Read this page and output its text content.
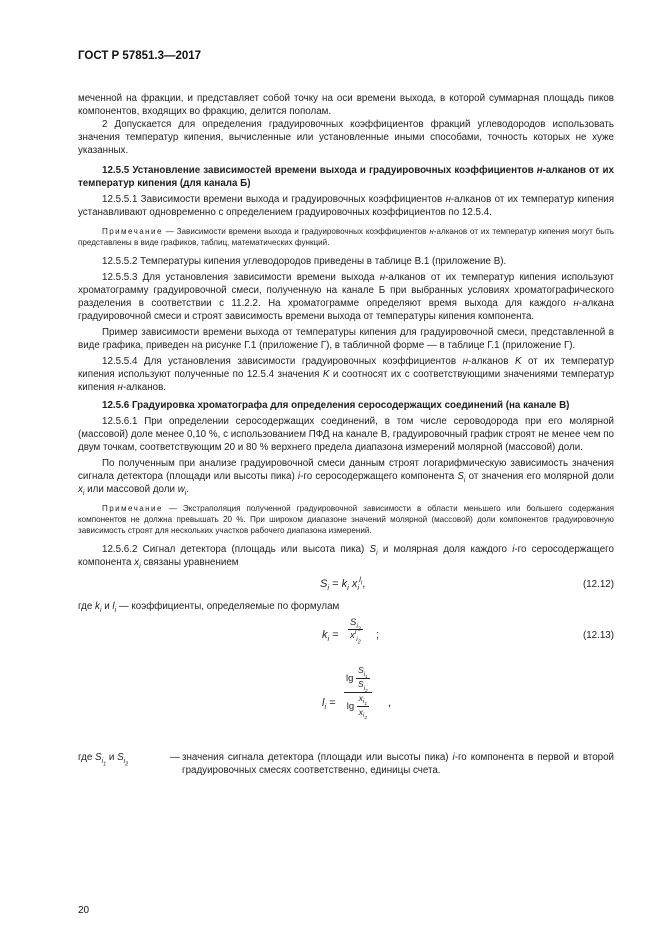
ГОСТ Р 57851.3—2017

меченной на фракции, и представляет собой точку на оси времени выхода, в которой суммарная площадь пиков компонентов, входящих во фракцию, делится пополам.

2 Допускается для определения градуировочных коэффициентов фракций углеводородов использовать значения температур кипения, вычисленные или установленные иными способами, точность которых не хуже указанных.

12.5.5 Установление зависимостей времени выхода и градуировочных коэффициентов н-алканов от их температур кипения (для канала Б)

12.5.5.1 Зависимости времени выхода и градуировочных коэффициентов н-алканов от их температур кипения устанавливают одновременно с определением градуировочных коэффициентов по 12.5.4.

Примечание — Зависимости времени выхода и градуировочных коэффициентов н-алканов от их температур кипения могут быть представлены в виде графиков, таблиц, математических функций.

12.5.5.2 Температуры кипения углеводородов приведены в таблице В.1 (приложение В).

12.5.5.3 Для установления зависимости времени выхода н-алканов от их температур кипения используют хроматограмму градуировочной смеси, полученную на канале Б при выбранных условиях хроматографического разделения в соответствии с 11.2.2. На хроматограмме определяют время выхода для каждого н-алкана градуировочной смеси и строят зависимость времени выхода от температуры кипения компонента.

Пример зависимости времени выхода от температуры кипения для градуировочной смеси, представленной в виде графика, приведен на рисунке Г.1 (приложение Г), в табличной форме — в таблице Г.1 (приложение Г).

12.5.5.4 Для установления зависимости градуировочных коэффициентов н-алканов K от их температур кипения используют полученные по 12.5.4 значения K и соотносят их с соответствующими значениями температур кипения н-алканов.

12.5.6 Градуировка хроматографа для определения серосодержащих соединений (на канале В)

12.5.6.1 При определении серосодержащих соединений, в том числе сероводорода при его молярной (массовой) доле менее 0,10 %, с использованием ПФД на канале В, градуировочный график строят не менее чем по двум точкам, соответствующим 20 и 80 % верхнего предела диапазона измерений молярной (массовой) доли.

По полученным при анализе градуировочной смеси данным строят логарифмическую зависимость значения сигнала детектора (площади или высоты пика) i-го серосодержащего компонента $S_i$ от значения его молярной доли $x_i$ или массовой доли $w_i$.

Примечание — Экстраполяция полученной градуировочной зависимости в области меньшего или большего содержания компонентов не должна превышать 20 %. При широком диапазоне значений молярной (массовой) доли компонентов градуировочную зависимость строят для нескольких участков рабочего диапазона измерений.

12.5.6.2 Сигнал детектора (площадь или высота пика) $S_i$ и молярная доля каждого i-го серосодержащего компонента $x_i$ связаны уравнением

$S_i = k_i$ $x_i^{l_i}$,	(12.12)

где $k_i$ и $l_i$ — коэффициенты, определяемые по формулам

$k_i$ =
$S_{i_2}$
$x^l_{i_2}$
;	(12.13)
$l_i = \frac{\lg \frac{S_{i_1}}{S_{i_2}}}{\lg \frac{x_{i_1}}{x_{i_2}}}$ ,
где $S_{i_1}$ и $S_{i_2}$
— значения сигнала детектора (площади или высоты пика) i-го компонента в первой и второй градуировочных смесях соответственно, единицы счета.

20
